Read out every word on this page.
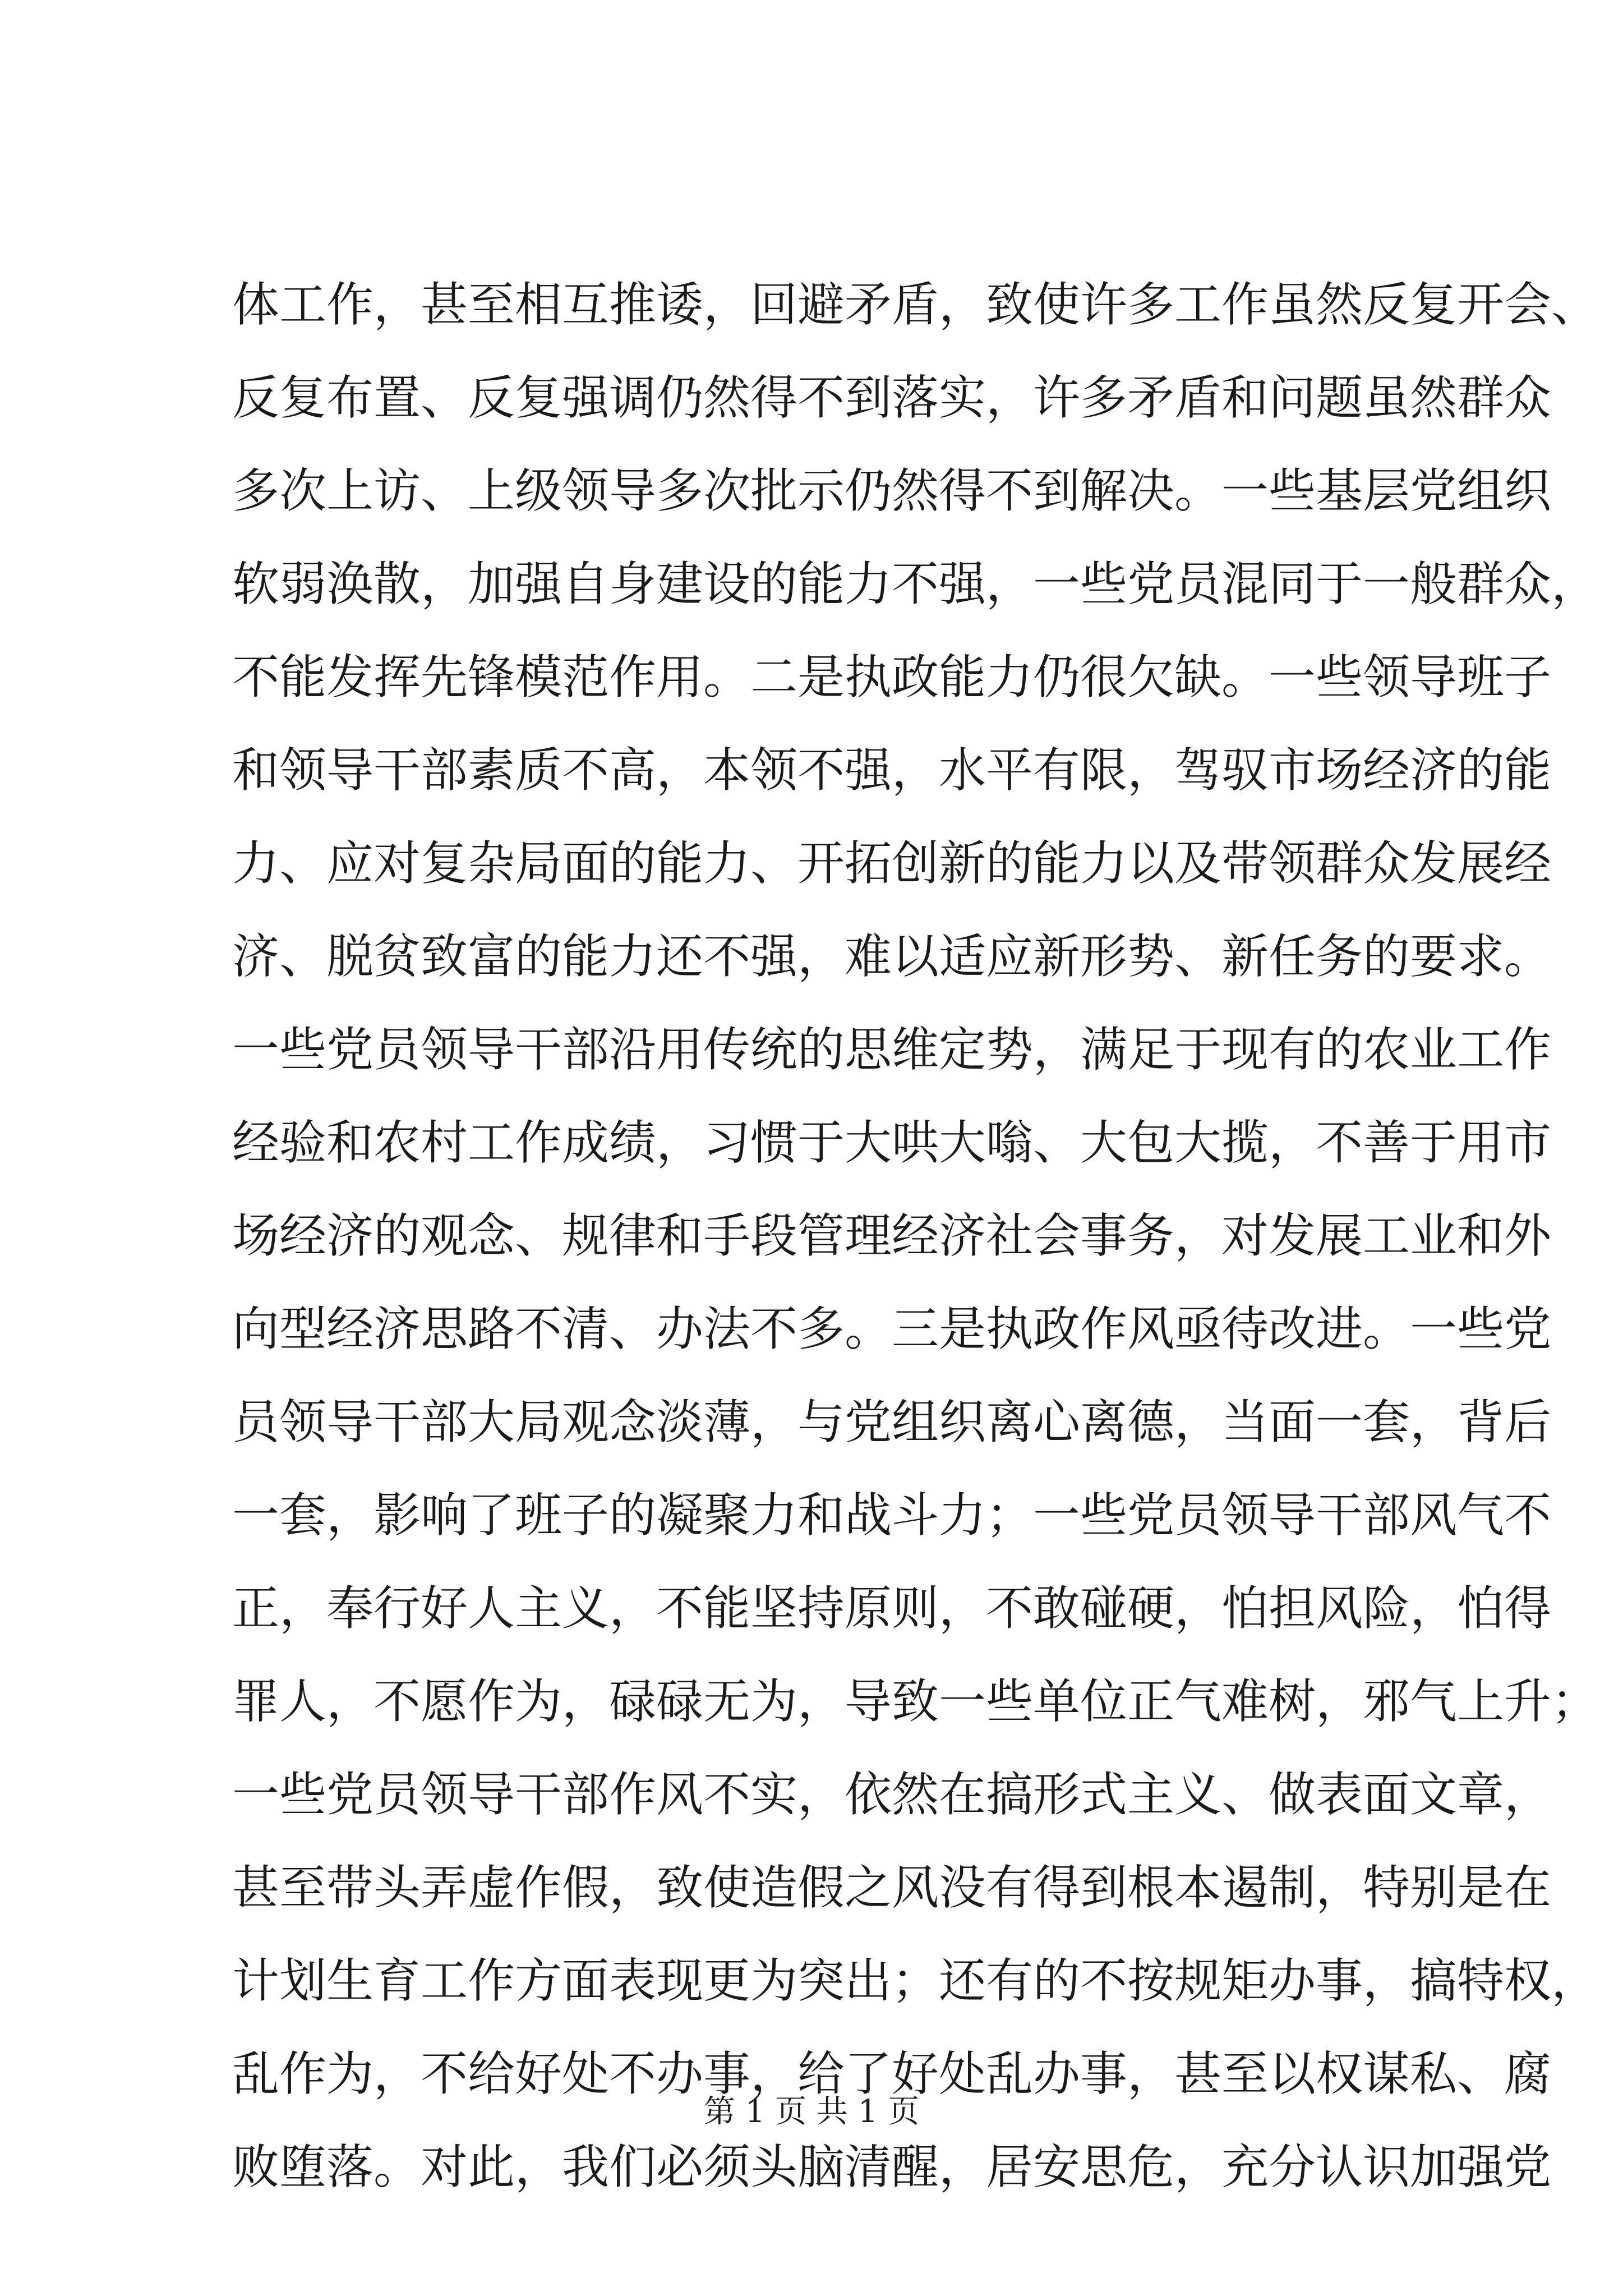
体工作，甚至相互推诿，回避矛盾，致使许多工作虽然反复开会、
反复布置、反复强调仍然得不到落实，许多矛盾和问题虽然群众
多次上访、上级领导多次批示仍然得不到解决。一些基层党组织
软弱涣散，加强自身建设的能力不强，一些党员混同于一般群众，
不能发挥先锋模范作用。二是执政能力仍很欠缺。一些领导班子
和领导干部素质不高，本领不强，水平有限，驾驭市场经济的能
力、应对复杂局面的能力、开拓创新的能力以及带领群众发展经
济、脱贫致富的能力还不强，难以适应新形势、新任务的要求。
一些党员领导干部沿用传统的思维定势，满足于现有的农业工作
经验和农村工作成绩，习惯于大哄大嗡、大包大揽，不善于用市
场经济的观念、规律和手段管理经济社会事务，对发展工业和外
向型经济思路不清、办法不多。三是执政作风亟待改进。一些党
员领导干部大局观念淡薄，与党组织离心离德，当面一套，背后
一套，影响了班子的凝聚力和战斗力；一些党员领导干部风气不
正，奉行好人主义，不能坚持原则，不敢碰硬，怕担风险，怕得
罪人，不愿作为，碌碌无为，导致一些单位正气难树，邪气上升；
一些党员领导干部作风不实，依然在搞形式主义、做表面文章，
甚至带头弄虚作假，致使造假之风没有得到根本遏制，特别是在
计划生育工作方面表现更为突出；还有的不按规矩办事，搞特权，
乱作为，不给好处不办事，给了好处乱办事，甚至以权谋私、腐
败堕落。对此，我们必须头脑清醒，居安思危，充分认识加强党
第 1 页 共 1 页
